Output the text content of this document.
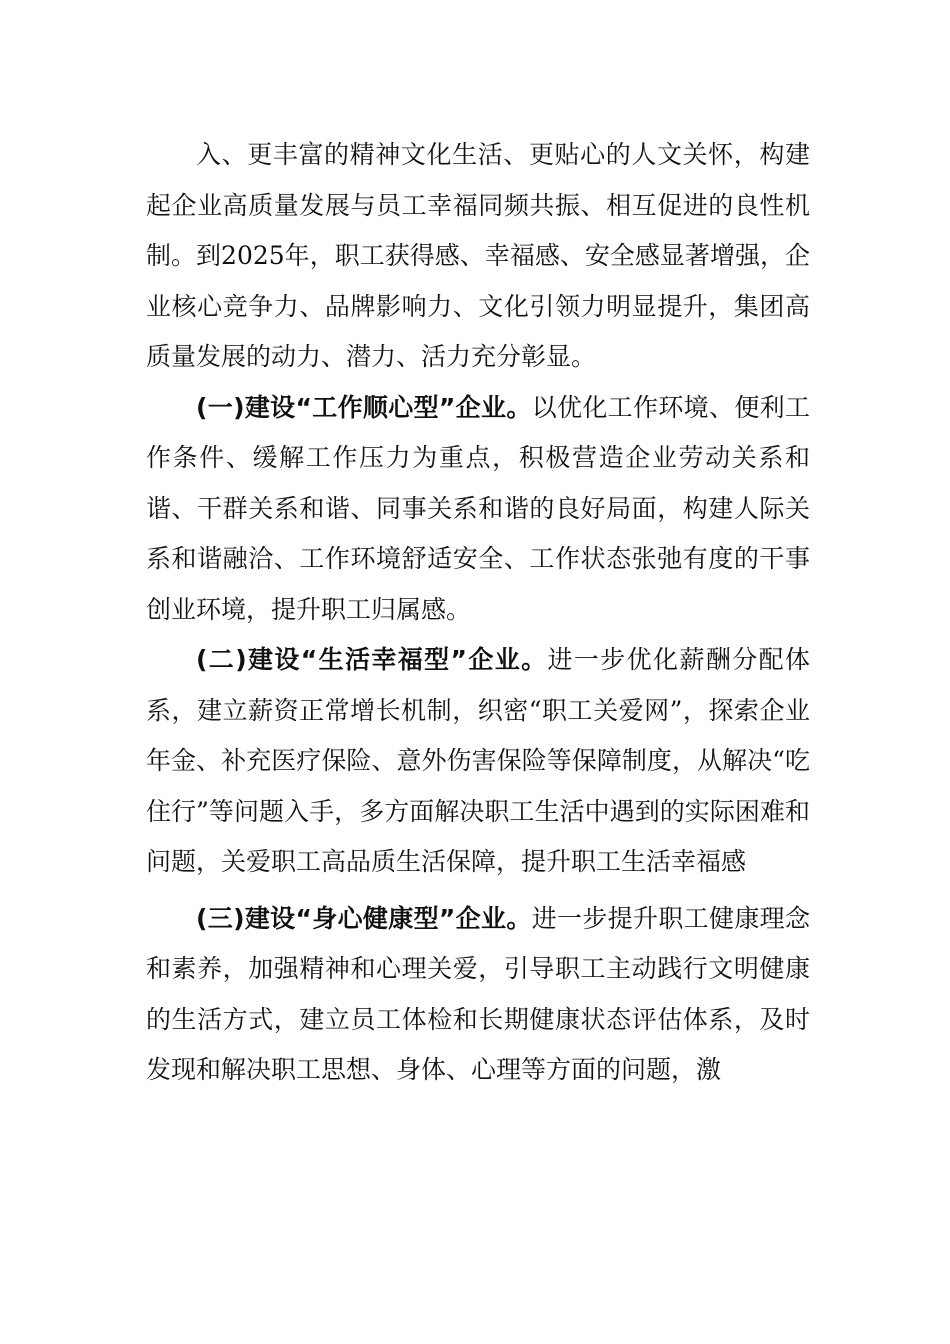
入、更丰富的精神文化生活、更贴心的人文关怀，构建起企业高质量发展与员工幸福同频共振、相互促进的良性机制。到2025年，职工获得感、幸福感、安全感显著增强，企业核心竞争力、品牌影响力、文化引领力明显提升，集团高质量发展的动力、潜力、活力充分彰显。

(一)建设“工作顺心型”企业。以优化工作环境、便利工作条件、缓解工作压力为重点，积极营造企业劳动关系和谐、干群关系和谐、同事关系和谐的良好局面，构建人际关系和谐融洽、工作环境舒适安全、工作状态张弛有度的干事创业环境，提升职工归属感。

(二)建设“生活幸福型”企业。进一步优化薪酬分配体系，建立薪资正常增长机制，织密“职工关爱网”，探索企业年金、补充医疗保险、意外伤害保险等保障制度，从解决“吃住行”等问题入手，多方面解决职工生活中遇到的实际困难和问题，关爱职工高品质生活保障，提升职工生活幸福感

(三)建设“身心健康型”企业。进一步提升职工健康理念和素养，加强精神和心理关爱，引导职工主动践行文明健康的生活方式，建立员工体检和长期健康状态评估体系，及时发现和解决职工思想、身体、心理等方面的问题，激
